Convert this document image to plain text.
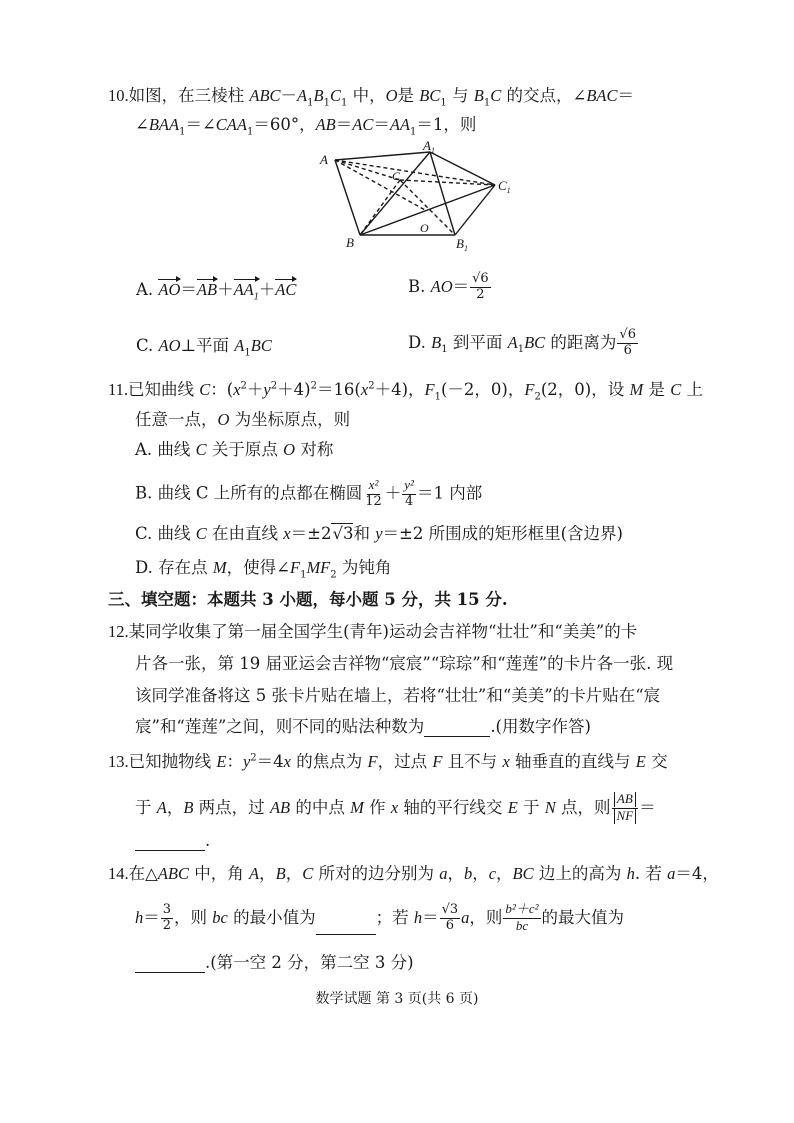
10.如图，在三棱柱 $ABC-A_1B_1C_1$ 中，O是 $BC_1$ 与 $B_1C$ 的交点，∠BAC＝
$\angle BAA_1=\angle CAA_1=60^\circ$，$AB=AC=AA_1=1$，则
A
$A_1$
C
$C_1$
O
B	$B_1$
A. $AO=AB+AA_1+AC$	B. $AO= \frac{√6}{2}$
C. AO⊥平面 $A_1BC$	D. $B_1$ 到平面 $A_1BC$ 的距离为 $\frac{√6}{6}$
11.已知曲线 C：$(x^2+y^2+4)^2=16(x^2+4)$，$F_1(-2$，0)，$F_2(2$，0)，设 M 是 C 上
任意一点，O 为坐标原点，则
A. 曲线 C 关于原点 O 对称
B. 曲线 C 上所有的点都在椭圆 $\frac{\text{x²}}{12} + \frac{\text{y²}}{4} =1$ 内部
C. 曲线 C 在由直线 x＝±2√3和 y＝±2 所围成的矩形框里(含边界)
D. 存在点 M，使得$\angle F_1MF_2$ 为钝角
三、填空题：本题共 3 小题，每小题 5 分，共 15 分.
12.某同学收集了第一届全国学生(青年)运动会吉祥物“壮壮”和“美美”的卡
片各一张，第 19 届亚运会吉祥物“宸宸”“琮琮”和“莲莲”的卡片各一张. 现
该同学准备将这 5 张卡片贴在墙上，若将“壮壮”和“美美”的卡片贴在“宸
宸”和“莲莲”之间，则不同的贴法种数为	.(用数字作答)
13.已知抛物线 E：$y^2=4x$ 的焦点为 F，过点 F 且不与 x 轴垂直的直线与 E 交
于 A，B 两点，过 AB 的中点 M 作 x 轴的平行线交 E 于 N 点，则 $\frac{AB}{NF}$ ＝
.
14.在△ABC 中，角 A，B，C 所对的边分别为 a，b，c，BC 边上的高为 h. 若 a＝4，
$h= \frac{3}{2}$ ，则 bc 的最小值为	；若 $h= \frac{√3}{6}$ a，则 $\frac{\text{b²＋c²}}{bc}$ 的最大值为
.(第一空 2 分，第二空 3 分)
数学试题 第 3 页(共 6 页)
